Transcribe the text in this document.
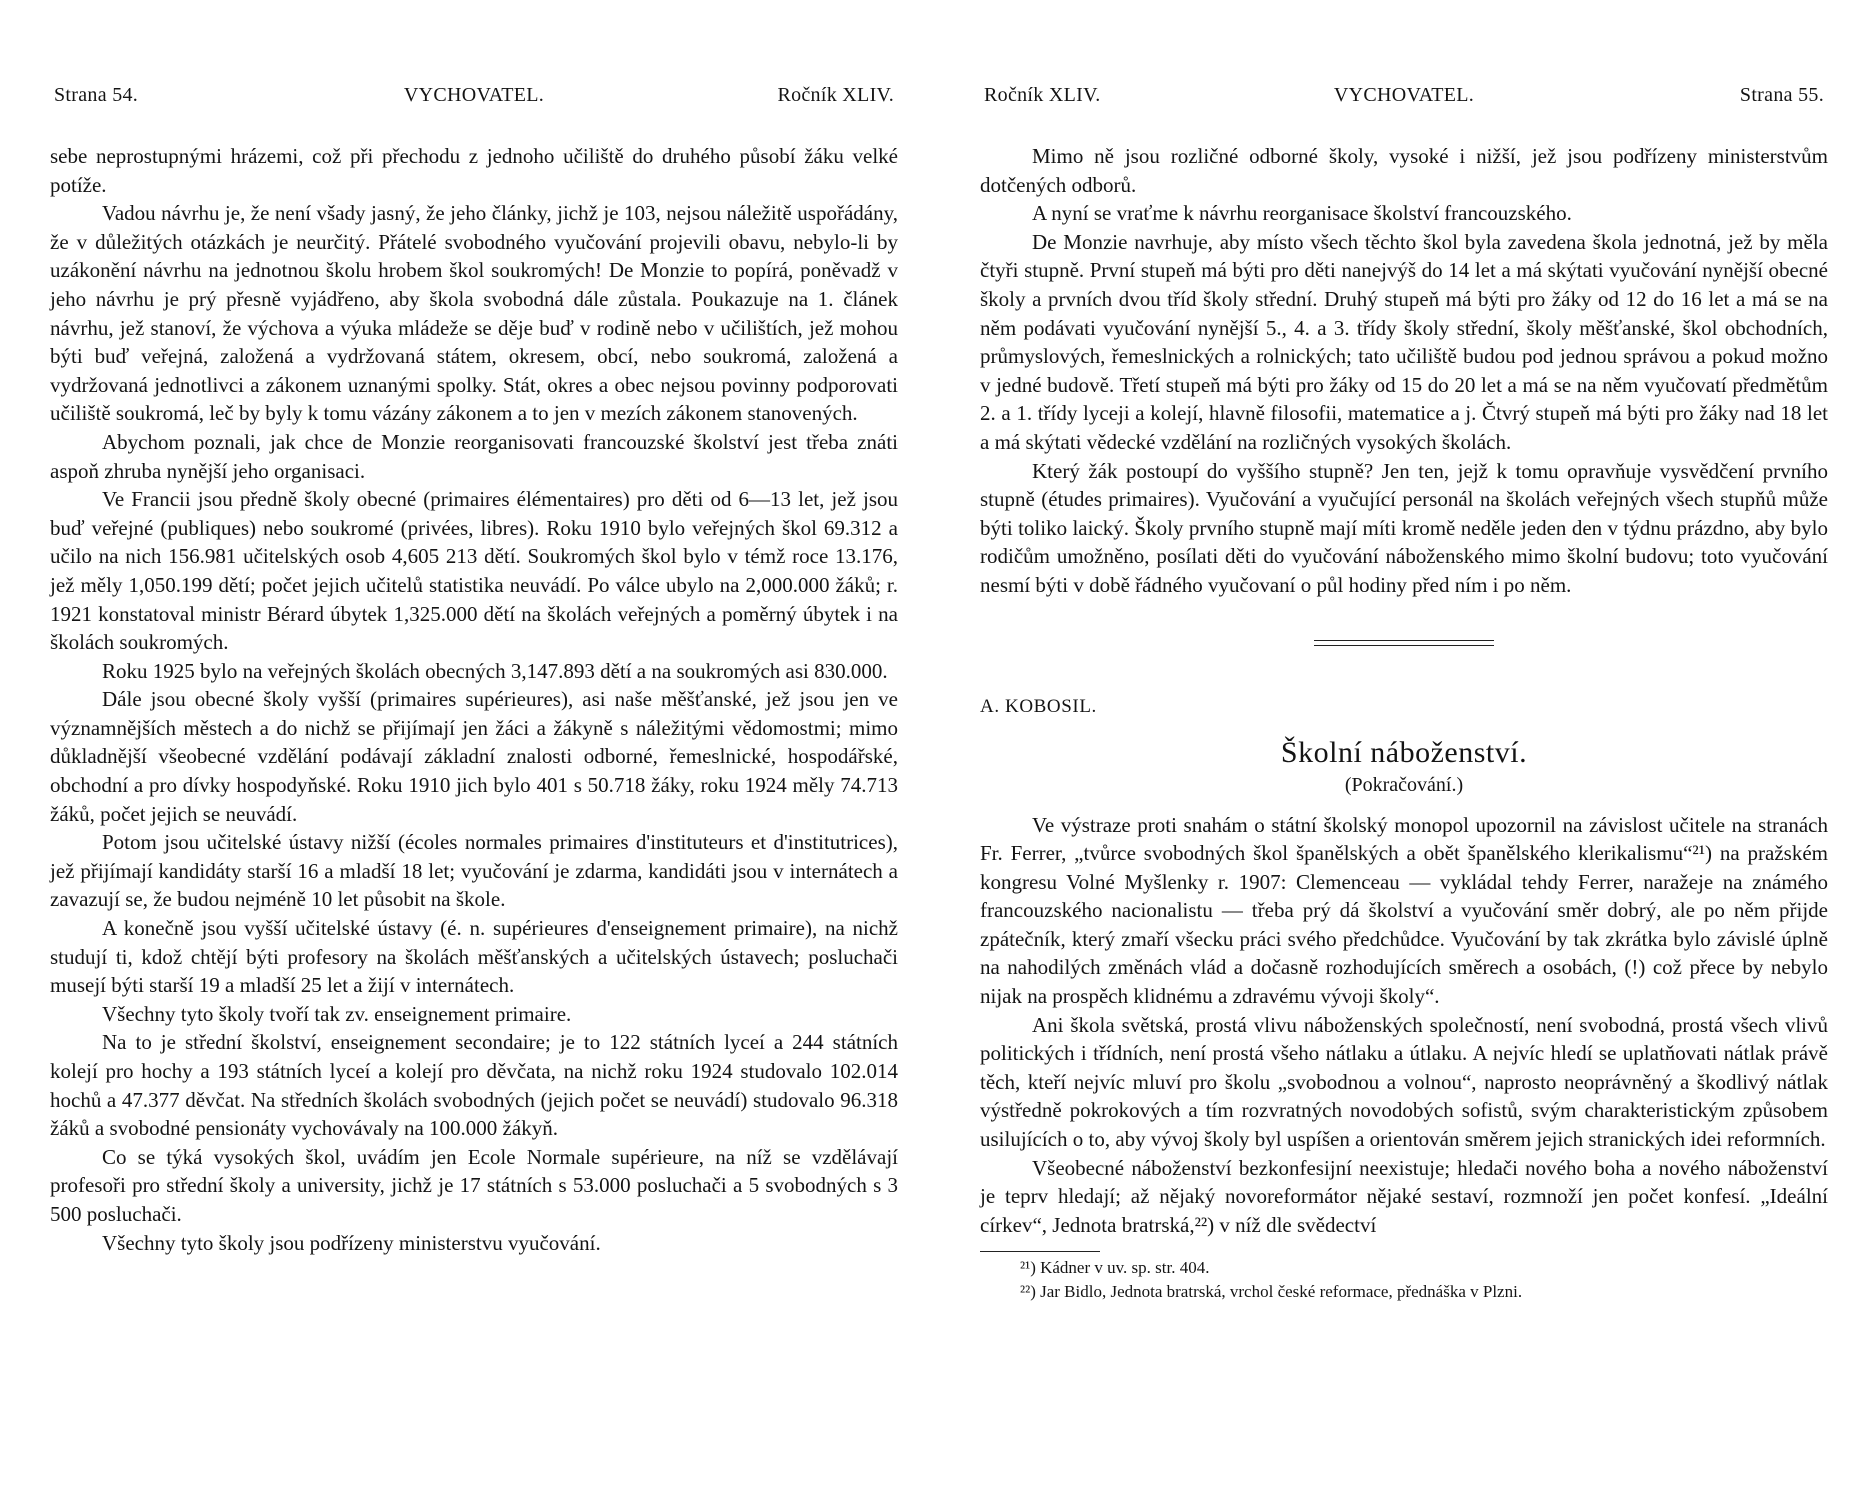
Strana 54.	VYCHOVATEL.	Ročník XLIV.

sebe neprostupnými hrázemi, což při přechodu z jednoho učiliště do druhého působí žáku velké potíže.

Vadou návrhu je, že není všady jasný, že jeho články, jichž je 103, nejsou náležitě uspořádány, že v důležitých otázkách je neurčitý. Přátelé svobodného vyučování projevili obavu, nebylo-li by uzákonění návrhu na jednotnou školu hrobem škol soukromých! De Monzie to popírá, poněvadž v jeho návrhu je prý přesně vyjádřeno, aby škola svobodná dále zůstala. Poukazuje na 1. článek návrhu, jež stanoví, že výchova a výuka mládeže se děje buď v rodině nebo v učilištích, jež mohou býti buď veřejná, založená a vydržovaná státem, okresem, obcí, nebo soukromá, založená a vydržovaná jednotlivci a zákonem uznanými spolky. Stát, okres a obec nejsou povinny podporovati učiliště soukromá, leč by byly k tomu vázány zákonem a to jen v mezích zákonem stanovených.

Abychom poznali, jak chce de Monzie reorganisovati francouzské školství jest třeba znáti aspoň zhruba nynější jeho organisaci.

Ve Francii jsou předně školy obecné (primaires élémentaires) pro děti od 6—13 let, jež jsou buď veřejné (publiques) nebo soukromé (privées, libres). Roku 1910 bylo veřejných škol 69.312 a učilo na nich 156.981 učitelských osob 4,605 213 dětí. Soukromých škol bylo v témž roce 13.176, jež měly 1,050.199 dětí; počet jejich učitelů statistika neuvádí. Po válce ubylo na 2,000.000 žáků; r. 1921 konstatoval ministr Bérard úbytek 1,325.000 dětí na školách veřejných a poměrný úbytek i na školách soukromých.

Roku 1925 bylo na veřejných školách obecných 3,147.893 dětí a na soukromých asi 830.000.

Dále jsou obecné školy vyšší (primaires supérieures), asi naše měšťanské, jež jsou jen ve významnějších městech a do nichž se přijímají jen žáci a žákyně s náležitými vědomostmi; mimo důkladnější všeobecné vzdělání podávají základní znalosti odborné, řemeslnické, hospodářské, obchodní a pro dívky hospodyňské. Roku 1910 jich bylo 401 s 50.718 žáky, roku 1924 měly 74.713 žáků, počet jejich se neuvádí.

Potom jsou učitelské ústavy nižší (écoles normales primaires d'instituteurs et d'institutrices), jež přijímají kandidáty starší 16 a mladší 18 let; vyučování je zdarma, kandidáti jsou v internátech a zavazují se, že budou nejméně 10 let působit na škole.

A konečně jsou vyšší učitelské ústavy (é. n. supérieures d'enseignement primaire), na nichž studují ti, kdož chtějí býti profesory na školách měšťanských a učitelských ústavech; posluchači musejí býti starší 19 a mladší 25 let a žijí v internátech.

Všechny tyto školy tvoří tak zv. enseignement primaire.

Na to je střední školství, enseignement secondaire; je to 122 státních lyceí a 244 státních kolejí pro hochy a 193 státních lyceí a kolejí pro děvčata, na nichž roku 1924 studovalo 102.014 hochů a 47.377 děvčat. Na středních školách svobodných (jejich počet se neuvádí) studovalo 96.318 žáků a svobodné pensionáty vychovávaly na 100.000 žákyň.

Co se týká vysokých škol, uvádím jen Ecole Normale supérieure, na níž se vzdělávají profesoři pro střední školy a university, jichž je 17 státních s 53.000 posluchači a 5 svobodných s 3 500 posluchači.

Všechny tyto školy jsou podřízeny ministerstvu vyučování.

Ročník XLIV.	VYCHOVATEL.	Strana 55.

Mimo ně jsou rozličné odborné školy, vysoké i nižší, jež jsou podřízeny ministerstvům dotčených odborů.

A nyní se vraťme k návrhu reorganisace školství francouzského.

De Monzie navrhuje, aby místo všech těchto škol byla zavedena škola jednotná, jež by měla čtyři stupně. První stupeň má býti pro děti nanejvýš do 14 let a má skýtati vyučování nynější obecné školy a prvních dvou tříd školy střední. Druhý stupeň má býti pro žáky od 12 do 16 let a má se na něm podávati vyučování nynější 5., 4. a 3. třídy školy střední, školy měšťanské, škol obchodních, průmyslových, řemeslnických a rolnických; tato učiliště budou pod jednou správou a pokud možno v jedné budově. Třetí stupeň má býti pro žáky od 15 do 20 let a má se na něm vyučovatí předmětům 2. a 1. třídy lyceji a kolejí, hlavně filosofii, matematice a j. Čtvrý stupeň má býti pro žáky nad 18 let a má skýtati vědecké vzdělání na rozličných vysokých školách.

Který žák postoupí do vyššího stupně? Jen ten, jejž k tomu opravňuje vysvědčení prvního stupně (études primaires). Vyučování a vyučující personál na školách veřejných všech stupňů může býti toliko laický. Školy prvního stupně mají míti kromě neděle jeden den v týdnu prázdno, aby bylo rodičům umožněno, posílati děti do vyučování náboženského mimo školní budovu; toto vyučování nesmí býti v době řádného vyučovaní o půl hodiny před ním i po něm.

A. KOBOSIL.
Školní náboženství.
(Pokračování.)

Ve výstraze proti snahám o státní školský monopol upozornil na závislost učitele na stranách Fr. Ferrer, „tvůrce svobodných škol španělských a obět španělského klerikalismu“²¹) na pražském kongresu Volné Myšlenky r. 1907: Clemenceau — vykládal tehdy Ferrer, naražeje na známého francouzského nacionalistu — třeba prý dá školství a vyučování směr dobrý, ale po něm přijde zpátečník, který zmaří všecku práci svého předchůdce. Vyučování by tak zkrátka bylo závislé úplně na nahodilých změnách vlád a dočasně rozhodujících směrech a osobách, (!) což přece by nebylo nijak na prospěch klidnému a zdravému vývoji školy“.

Ani škola světská, prostá vlivu náboženských společností, není svobodná, prostá všech vlivů politických i třídních, není prostá všeho nátlaku a útlaku. A nejvíc hledí se uplatňovati nátlak právě těch, kteří nejvíc mluví pro školu „svobodnou a volnou“, naprosto neoprávněný a škodlivý nátlak výstředně pokrokových a tím rozvratných novodobých sofistů, svým charakteristickým způsobem usilujících o to, aby vývoj školy byl uspíšen a orientován směrem jejich stranických idei reformních.

Všeobecné náboženství bezkonfesijní neexistuje; hledači nového boha a nového náboženství je teprv hledají; až nějaký novoreformátor nějaké sestaví, rozmnoží jen počet konfesí. „Ideální církev“, Jednota bratrská,²²) v níž dle svědectví

²¹) Kádner v uv. sp. str. 404.
²²) Jar Bidlo, Jednota bratrská, vrchol české reformace, přednáška v Plzni.
